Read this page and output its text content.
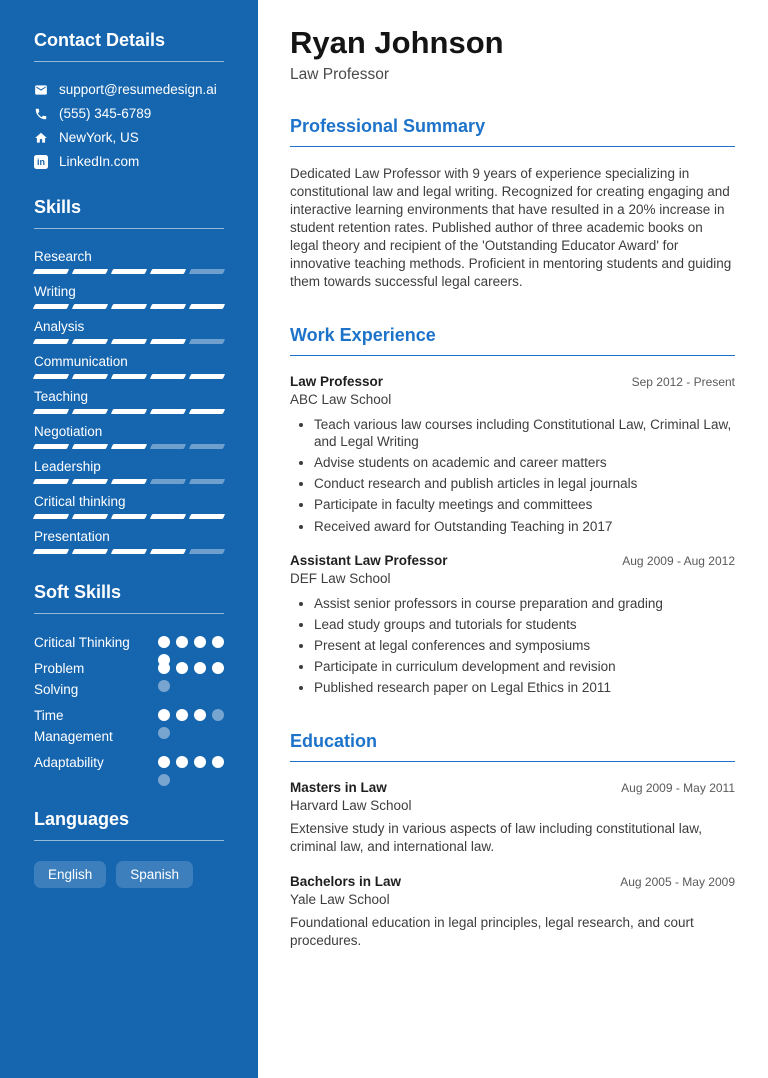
Contact Details
support@resumedesign.ai
(555) 345-6789
NewYork, US
in LinkedIn.com
Skills
Research
Writing
Analysis
Communication
Teaching
Negotiation
Leadership
Critical thinking
Presentation
Soft Skills
Critical Thinking
Problem Solving
Time Management
Adaptability
Languages
English	Spanish
Ryan Johnson
Law Professor
Professional Summary

Dedicated Law Professor with 9 years of experience specializing in constitutional law and legal writing. Recognized for creating engaging and interactive learning environments that have resulted in a 20% increase in student retention rates. Published author of three academic books on legal theory and recipient of the 'Outstanding Educator Award' for innovative teaching methods. Proficient in mentoring students and guiding them towards successful legal careers.

Work Experience
Law Professor	Sep 2012 - Present
ABC Law School
• Teach various law courses including Constitutional Law, Criminal Law, and Legal Writing
• Advise students on academic and career matters
• Conduct research and publish articles in legal journals
• Participate in faculty meetings and committees
• Received award for Outstanding Teaching in 2017
Assistant Law Professor	Aug 2009 - Aug 2012
DEF Law School
• Assist senior professors in course preparation and grading
• Lead study groups and tutorials for students
• Present at legal conferences and symposiums
• Participate in curriculum development and revision
• Published research paper on Legal Ethics in 2011
Education
Masters in Law	Aug 2009 - May 2011
Harvard Law School

Extensive study in various aspects of law including constitutional law, criminal law, and international law.

Bachelors in Law	Aug 2005 - May 2009
Yale Law School

Foundational education in legal principles, legal research, and court procedures.
